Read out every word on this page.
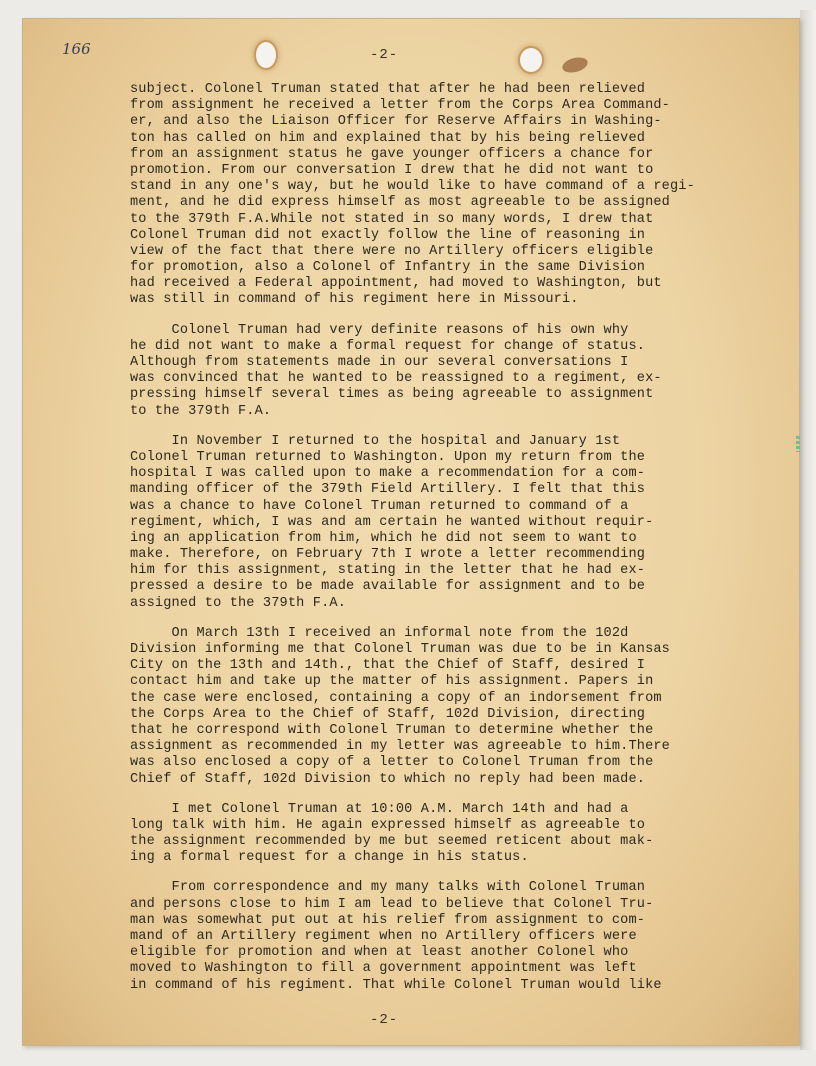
166	-2-
subject. Colonel Truman stated that after he had been relieved
from assignment he received a letter from the Corps Area Command-
er, and also the Liaison Officer for Reserve Affairs in Washing-
ton has called on him and explained that by his being relieved
from an assignment status he gave younger officers a chance for
promotion. From our conversation I drew that he did not want to
stand in any one's way, but he would like to have command of a regi-
ment, and he did express himself as most agreeable to be assigned
to the 379th F.A.While not stated in so many words, I drew that
Colonel Truman did not exactly follow the line of reasoning in
view of the fact that there were no Artillery officers eligible
for promotion, also a Colonel of Infantry in the same Division
had received a Federal appointment, had moved to Washington, but
was still in command of his regiment here in Missouri.
Colonel Truman had very definite reasons of his own why
he did not want to make a formal request for change of status.
Although from statements made in our several conversations I
was convinced that he wanted to be reassigned to a regiment, ex-
pressing himself several times as being agreeable to assignment
to the 379th F.A.
In November I returned to the hospital and January 1st
Colonel Truman returned to Washington. Upon my return from the
hospital I was called upon to make a recommendation for a com-
manding officer of the 379th Field Artillery. I felt that this
was a chance to have Colonel Truman returned to command of a
regiment, which, I was and am certain he wanted without requir-
ing an application from him, which he did not seem to want to
make. Therefore, on February 7th I wrote a letter recommending
him for this assignment, stating in the letter that he had ex-
pressed a desire to be made available for assignment and to be
assigned to the 379th F.A.
On March 13th I received an informal note from the 102d
Division informing me that Colonel Truman was due to be in Kansas
City on the 13th and 14th., that the Chief of Staff, desired I
contact him and take up the matter of his assignment. Papers in
the case were enclosed, containing a copy of an indorsement from
the Corps Area to the Chief of Staff, 102d Division, directing
that he correspond with Colonel Truman to determine whether the
assignment as recommended in my letter was agreeable to him.There
was also enclosed a copy of a letter to Colonel Truman from the
Chief of Staff, 102d Division to which no reply had been made.
I met Colonel Truman at 10:00 A.M. March 14th and had a
long talk with him. He again expressed himself as agreeable to
the assignment recommended by me but seemed reticent about mak-
ing a formal request for a change in his status.
From correspondence and my many talks with Colonel Truman
and persons close to him I am lead to believe that Colonel Tru-
man was somewhat put out at his relief from assignment to com-
mand of an Artillery regiment when no Artillery officers were
eligible for promotion and when at least another Colonel who
moved to Washington to fill a government appointment was left
in command of his regiment. That while Colonel Truman would like
-2-
